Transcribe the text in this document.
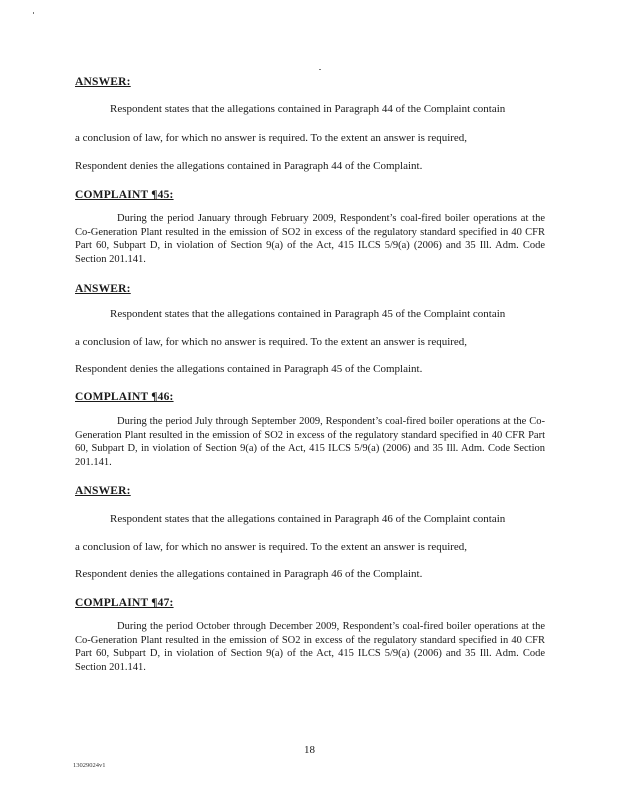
ANSWER:
Respondent states that the allegations contained in Paragraph 44 of the Complaint contain
a conclusion of law, for which no answer is required. To the extent an answer is required,
Respondent denies the allegations contained in Paragraph 44 of the Complaint.
COMPLAINT ¶45:
During the period January through February 2009, Respondent’s coal-fired boiler operations at the Co-Generation Plant resulted in the emission of SO2 in excess of the regulatory standard specified in 40 CFR Part 60, Subpart D, in violation of Section 9(a) of the Act, 415 ILCS 5/9(a) (2006) and 35 Ill. Adm. Code Section 201.141.
ANSWER:
Respondent states that the allegations contained in Paragraph 45 of the Complaint contain
a conclusion of law, for which no answer is required. To the extent an answer is required,
Respondent denies the allegations contained in Paragraph 45 of the Complaint.
COMPLAINT ¶46:
During the period July through September 2009, Respondent’s coal-fired boiler operations at the Co-Generation Plant resulted in the emission of SO2 in excess of the regulatory standard specified in 40 CFR Part 60, Subpart D, in violation of Section 9(a) of the Act, 415 ILCS 5/9(a) (2006) and 35 Ill. Adm. Code Section 201.141.
ANSWER:
Respondent states that the allegations contained in Paragraph 46 of the Complaint contain
a conclusion of law, for which no answer is required. To the extent an answer is required,
Respondent denies the allegations contained in Paragraph 46 of the Complaint.
COMPLAINT ¶47:
During the period October through December 2009, Respondent’s coal-fired boiler operations at the Co-Generation Plant resulted in the emission of SO2 in excess of the regulatory standard specified in 40 CFR Part 60, Subpart D, in violation of Section 9(a) of the Act, 415 ILCS 5/9(a) (2006) and 35 Ill. Adm. Code Section 201.141.
18
13029024v1
